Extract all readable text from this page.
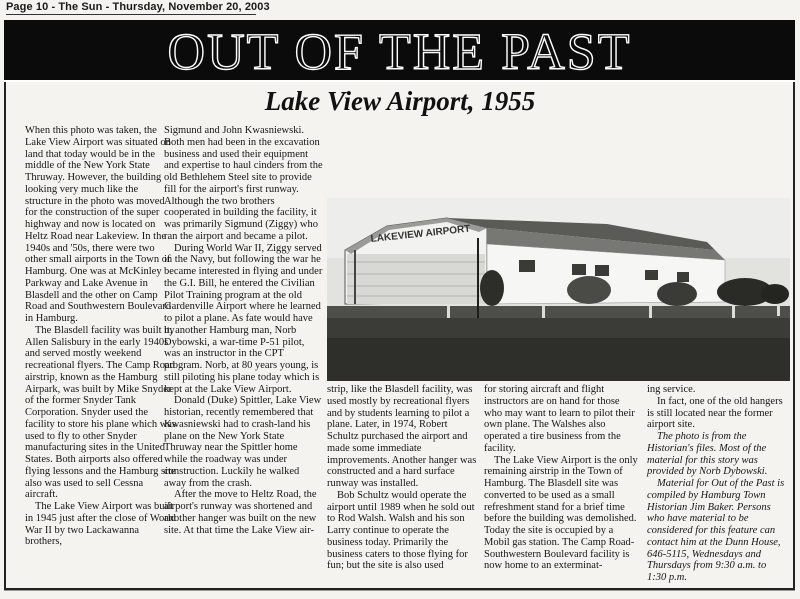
Page 10 - The Sun - Thursday, November 20, 2003
OUT OF THE PAST
Lake View Airport, 1955

When this photo was taken, the Lake View Airport was situated on land that today would be in the middle of the New York State Thruway. However, the building looking very much like the structure in the photo was moved for the construction of the super highway and now is located on Heltz Road near Lakeview. In the 1940s and '50s, there were two other small airports in the Town of Hamburg. One was at McKinley Parkway and Lake Avenue in Blasdell and the other on Camp Road and Southwestern Boulevard in Hamburg.

The Blasdell facility was built by Allen Salisbury in the early 1940s and served mostly weekend recreational flyers. The Camp Road airstrip, known as the Hamburg Airpark, was built by Mike Snyder of the former Snyder Tank Corporation. Snyder used the facility to store his plane which was used to fly to other Snyder manufacturing sites in the United States. Both airports also offered flying lessons and the Hamburg site also was used to sell Cessna aircraft.

The Lake View Airport was built in 1945 just after the close of World War II by two Lackawanna brothers,

Sigmund and John Kwasniewski. Both men had been in the excavation business and used their equipment and expertise to haul cinders from the old Bethlehem Steel site to provide fill for the airport's first runway. Although the two brothers cooperated in building the facility, it was primarily Sigmund (Ziggy) who ran the airport and became a pilot.

During World War II, Ziggy served in the Navy, but following the war he became interested in flying and under the G.I. Bill, he entered the Civilian Pilot Training program at the old Gardenville Airport where he learned to pilot a plane. As fate would have it, another Hamburg man, Norb Dybowski, a war-time P-51 pilot, was an instructor in the CPT program. Norb, at 80 years young, is still piloting his plane today which is kept at the Lake View Airport.

Donald (Duke) Spittler, Lake View historian, recently remembered that Kwasniewski had to crash-land his plane on the New York State Thruway near the Spittler home while the roadway was under construction. Luckily he walked away from the crash.

After the move to Heltz Road, the airport's runway was shortened and another hanger was built on the new site. At that time the Lake View air-

LAKEVIEW AIRPORT

strip, like the Blasdell facility, was used mostly by recreational flyers and by students learning to pilot a plane. Later, in 1974, Robert Schultz purchased the airport and made some immediate improvements. Another hanger was constructed and a hard surface runway was installed.

Bob Schultz would operate the airport until 1989 when he sold out to Rod Walsh. Walsh and his son Larry continue to operate the business today. Primarily the business caters to those flying for fun; but the site is also used

for storing aircraft and flight instructors are on hand for those who may want to learn to pilot their own plane. The Walshes also operated a tire business from the facility.

The Lake View Airport is the only remaining airstrip in the Town of Hamburg. The Blasdell site was converted to be used as a small refreshment stand for a brief time before the building was demolished. Today the site is occupied by a Mobil gas station. The Camp Road-Southwestern Boulevard facility is now home to an exterminat-

ing service.

In fact, one of the old hangers is still located near the former airport site.

The photo is from the Historian's files. Most of the material for this story was provided by Norb Dybowski.

Material for Out of the Past is compiled by Hamburg Town Historian Jim Baker. Persons who have material to be considered for this feature can contact him at the Dunn House, 646-5115, Wednesdays and Thursdays from 9:30 a.m. to 1:30 p.m.
